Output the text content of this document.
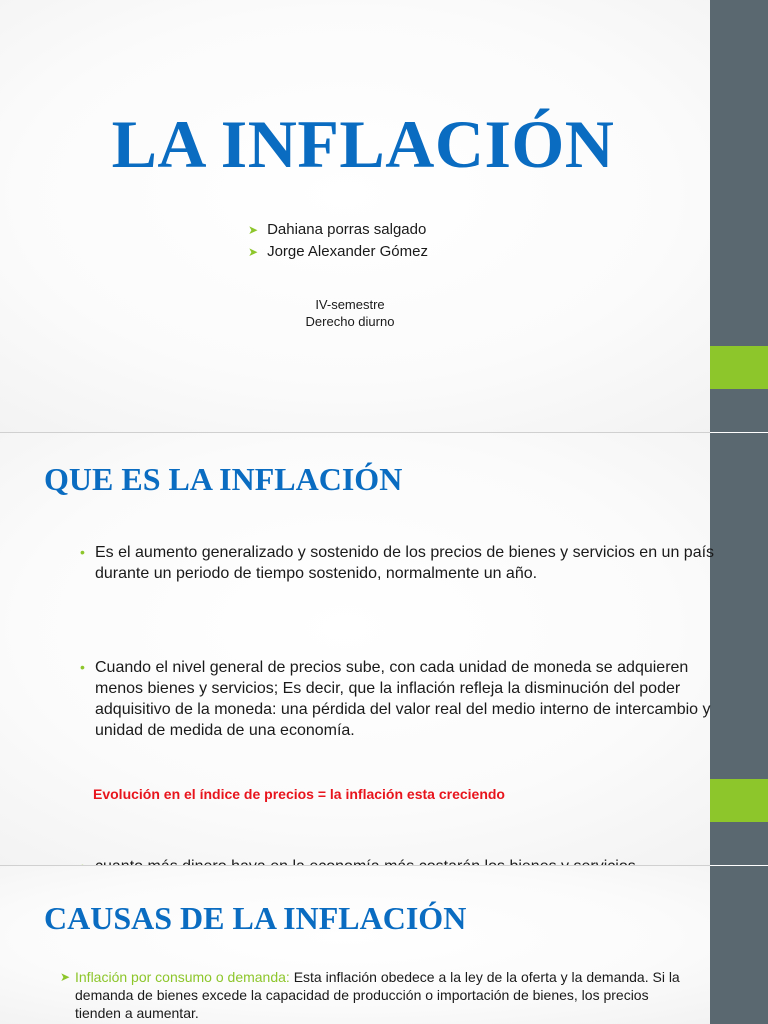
LA INFLACIÓN
➤ Dahiana porras salgado
➤ Jorge Alexander Gómez
IV-semestre
Derecho diurno
QUE ES LA INFLACIÓN
• Es el aumento generalizado y sostenido de los precios de bienes y servicios en un país durante un periodo de tiempo sostenido, normalmente un año.
• Cuando el nivel general de precios sube, con cada unidad de moneda se adquieren menos bienes y servicios; Es decir, que la inflación refleja la disminución del poder adquisitivo de la moneda: una pérdida del valor real del medio interno de intercambio y unidad de medida de una economía.

Evolución en el índice de precios = la inflación esta creciendo

CAUSAS DE LA INFLACIÓN
➤ Inflación por consumo o demanda: Esta inflación obedece a la ley de la oferta y la demanda. Si la demanda de bienes excede la capacidad de producción o importación de bienes, los precios tienden a aumentar.
